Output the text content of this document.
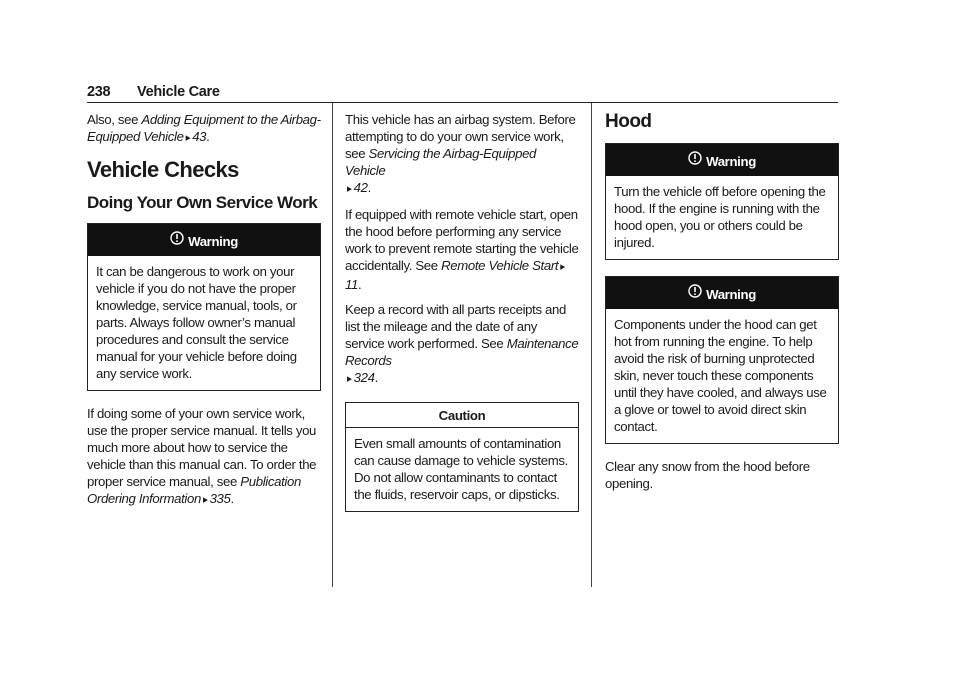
238 Vehicle Care

Also, see Adding Equipment to the Airbag-Equipped Vehicle ▸ 43.

Vehicle Checks
Doing Your Own Service Work
Warning
It can be dangerous to work on your vehicle if you do not have the proper knowledge, service manual, tools, or parts. Always follow owner’s manual procedures and consult the service manual for your vehicle before doing any service work.

If doing some of your own service work, use the proper service manual. It tells you much more about how to service the vehicle than this manual can. To order the proper service manual, see Publication Ordering Information ▸ 335.

This vehicle has an airbag system. Before attempting to do your own service work, see Servicing the Airbag-Equipped Vehicle
▸ 42.

If equipped with remote vehicle start, open the hood before performing any service work to prevent remote starting the vehicle accidentally. See Remote Vehicle Start ▸11.

Keep a record with all parts receipts and list the mileage and the date of any service work performed. See Maintenance Records
▸ 324.

Caution
Even small amounts of contamination can cause damage to vehicle systems. Do not allow contaminants to contact the fluids, reservoir caps, or dipsticks.
Hood
Warning
Turn the vehicle off before opening the hood. If the engine is running with the hood open, you or others could be injured.
Warning
Components under the hood can get hot from running the engine. To help avoid the risk of burning unprotected skin, never touch these components until they have cooled, and always use a glove or towel to avoid direct skin contact.

Clear any snow from the hood before opening.
